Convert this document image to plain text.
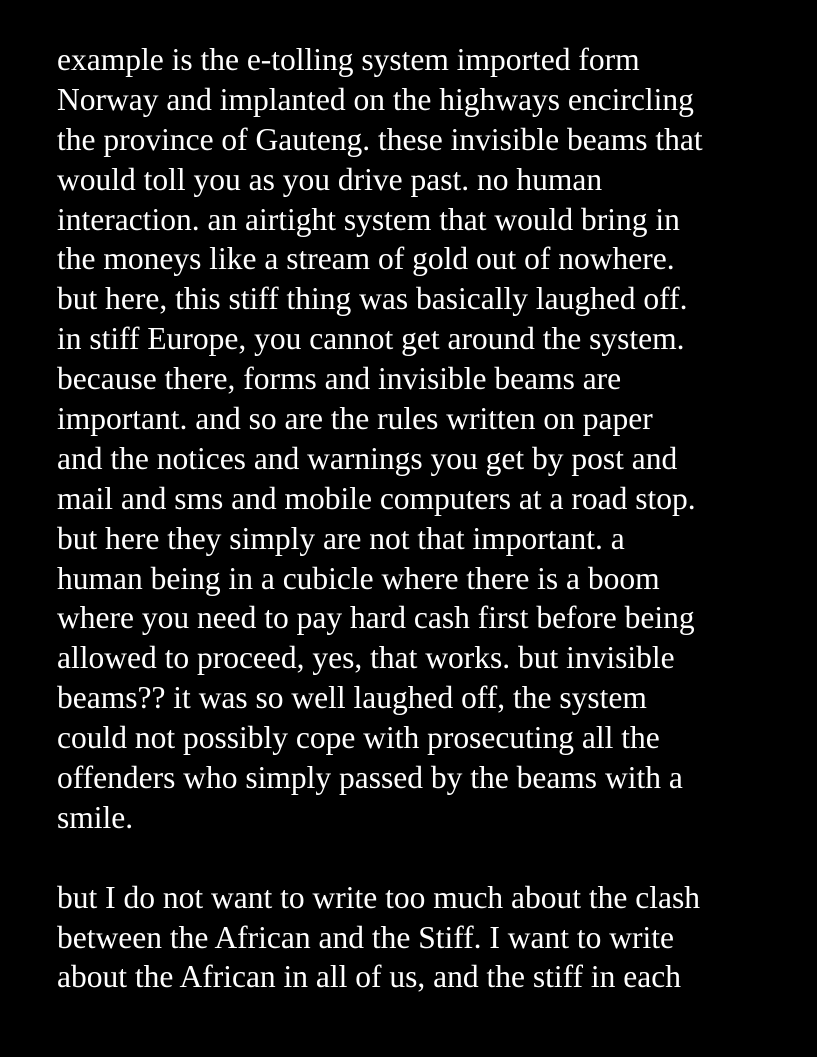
example is the e-tolling system imported form
Norway and implanted on the highways encircling
the province of Gauteng. these invisible beams that
would toll you as you drive past. no human
interaction. an airtight system that would bring in
the moneys like a stream of gold out of nowhere.
but here, this stiff thing was basically laughed off.
in stiff Europe, you cannot get around the system.
because there, forms and invisible beams are
important. and so are the rules written on paper
and the notices and warnings you get by post and
mail and sms and mobile computers at a road stop.
but here they simply are not that important. a
human being in a cubicle where there is a boom
where you need to pay hard cash first before being
allowed to proceed, yes, that works. but invisible
beams?? it was so well laughed off, the system
could not possibly cope with prosecuting all the
offenders who simply passed by the beams with a
smile.
but I do not want to write too much about the clash
between the African and the Stiff. I want to write
about the African in all of us, and the stiff in each
